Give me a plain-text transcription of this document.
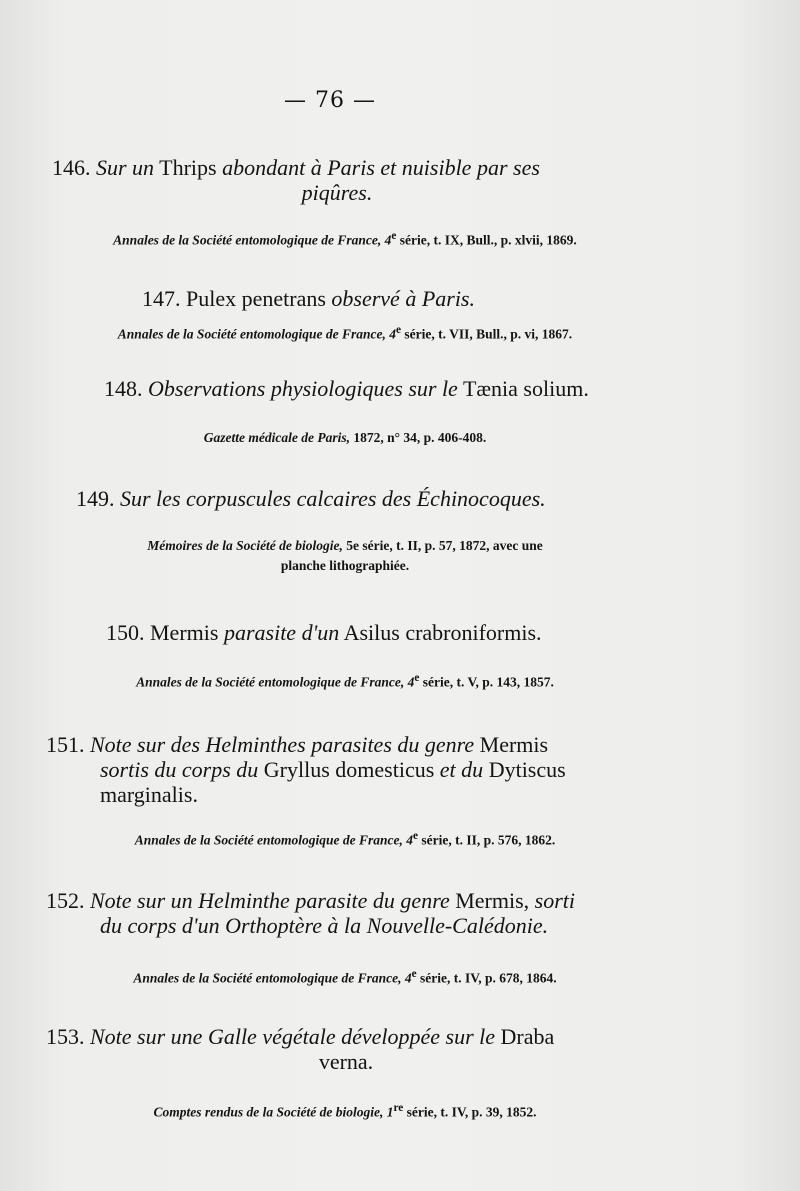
— 76 —
146. Sur un Thrips abondant à Paris et nuisible par ses
piqûres.
Annales de la Société entomologique de France, 4e série, t. IX, Bull., p. xlvii, 1869.
147. Pulex penetrans observé à Paris.
Annales de la Société entomologique de France, 4e série, t. VII, Bull., p. vi, 1867.
148. Observations physiologiques sur le Tænia solium.
Gazette médicale de Paris, 1872, n° 34, p. 406-408.
149. Sur les corpuscules calcaires des Échinocoques.
Mémoires de la Société de biologie, 5e série, t. II, p. 57, 1872, avec une
planche lithographiée.
150. Mermis parasite d'un Asilus crabroniformis.
Annales de la Société entomologique de France, 4e série, t. V, p. 143, 1857.
151. Note sur des Helminthes parasites du genre Mermis
sortis du corps du Gryllus domesticus et du Dytiscus
marginalis.
Annales de la Société entomologique de France, 4e série, t. II, p. 576, 1862.
152. Note sur un Helminthe parasite du genre Mermis, sorti
du corps d'un Orthoptère à la Nouvelle-Calédonie.
Annales de la Société entomologique de France, 4e série, t. IV, p. 678, 1864.
153. Note sur une Galle végétale développée sur le Draba
verna.
Comptes rendus de la Société de biologie, 1re série, t. IV, p. 39, 1852.
